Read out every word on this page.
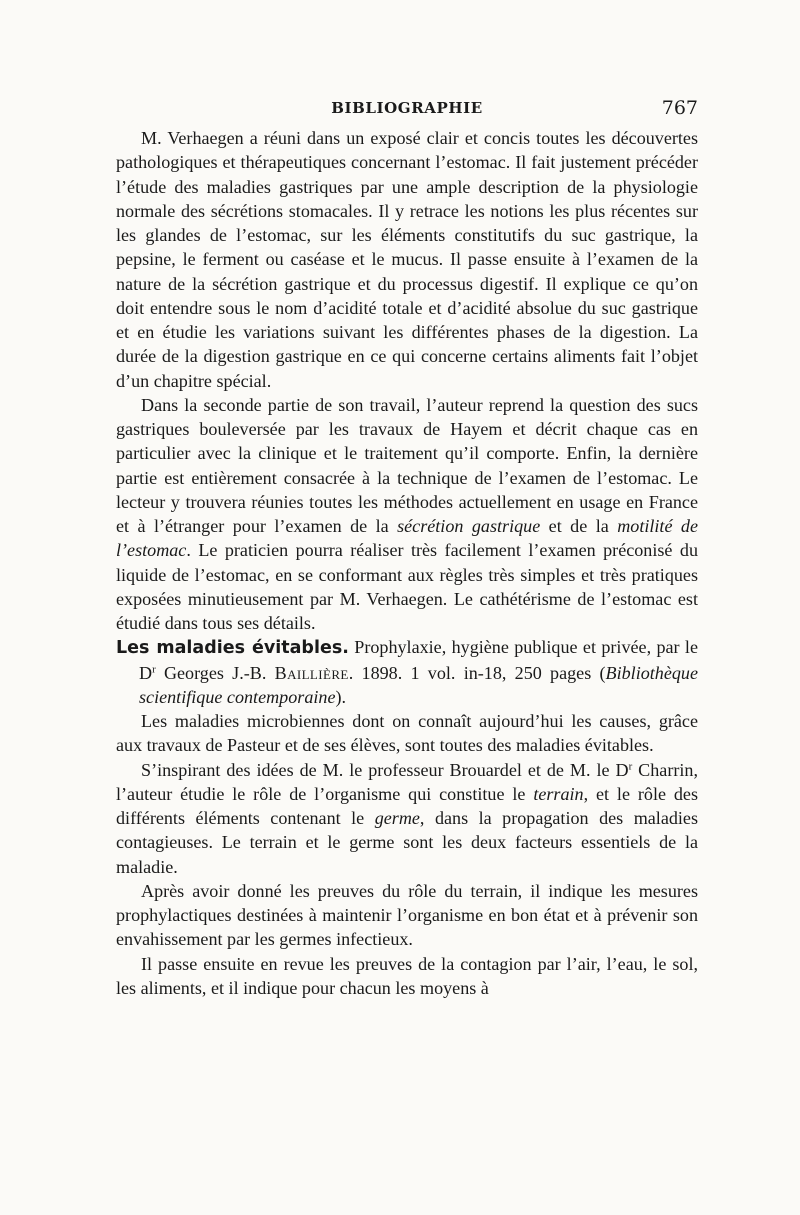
BIBLIOGRAPHIE	767

M. Verhaegen a réuni dans un exposé clair et concis toutes les découvertes pathologiques et thérapeutiques concernant l’estomac. Il fait justement précéder l’étude des maladies gastriques par une ample description de la physiologie normale des sécrétions stomacales. Il y retrace les notions les plus récentes sur les glandes de l’estomac, sur les éléments constitutifs du suc gastrique, la pepsine, le ferment ou caséase et le mucus. Il passe ensuite à l’examen de la nature de la sécrétion gastrique et du processus digestif. Il explique ce qu’on doit entendre sous le nom d’acidité totale et d’acidité absolue du suc gastrique et en étudie les variations suivant les différentes phases de la digestion. La durée de la digestion gastrique en ce qui concerne certains aliments fait l’objet d’un chapitre spécial.

Dans la seconde partie de son travail, l’auteur reprend la question des sucs gastriques bouleversée par les travaux de Hayem et décrit chaque cas en particulier avec la clinique et le traitement qu’il comporte. Enfin, la dernière partie est entièrement consacrée à la technique de l’examen de l’estomac. Le lecteur y trouvera réunies toutes les méthodes actuellement en usage en France et à l’étranger pour l’examen de la sécrétion gastrique et de la motilité de l’estomac. Le praticien pourra réaliser très facilement l’examen préconisé du liquide de l’estomac, en se conformant aux règles très simples et très pratiques exposées minutieusement par M. Verhaegen. Le cathétérisme de l’estomac est étudié dans tous ses détails.

Les maladies évitables. Prophylaxie, hygiène publique et privée, par le $D^r$ Georges J.-B. Baillière. 1898. 1 vol. in-18, 250 pages (Bibliothèque scientifique contemporaine).

Les maladies microbiennes dont on connaît aujourd’hui les causes, grâce aux travaux de Pasteur et de ses élèves, sont toutes des maladies évitables.

S’inspirant des idées de M. le professeur Brouardel et de M. le $D^r$ Charrin, l’auteur étudie le rôle de l’organisme qui constitue le terrain, et le rôle des différents éléments contenant le germe, dans la propagation des maladies contagieuses. Le terrain et le germe sont les deux facteurs essentiels de la maladie.

Après avoir donné les preuves du rôle du terrain, il indique les mesures prophylactiques destinées à maintenir l’organisme en bon état et à prévenir son envahissement par les germes infectieux.

Il passe ensuite en revue les preuves de la contagion par l’air, l’eau, le sol, les aliments, et il indique pour chacun les moyens à
